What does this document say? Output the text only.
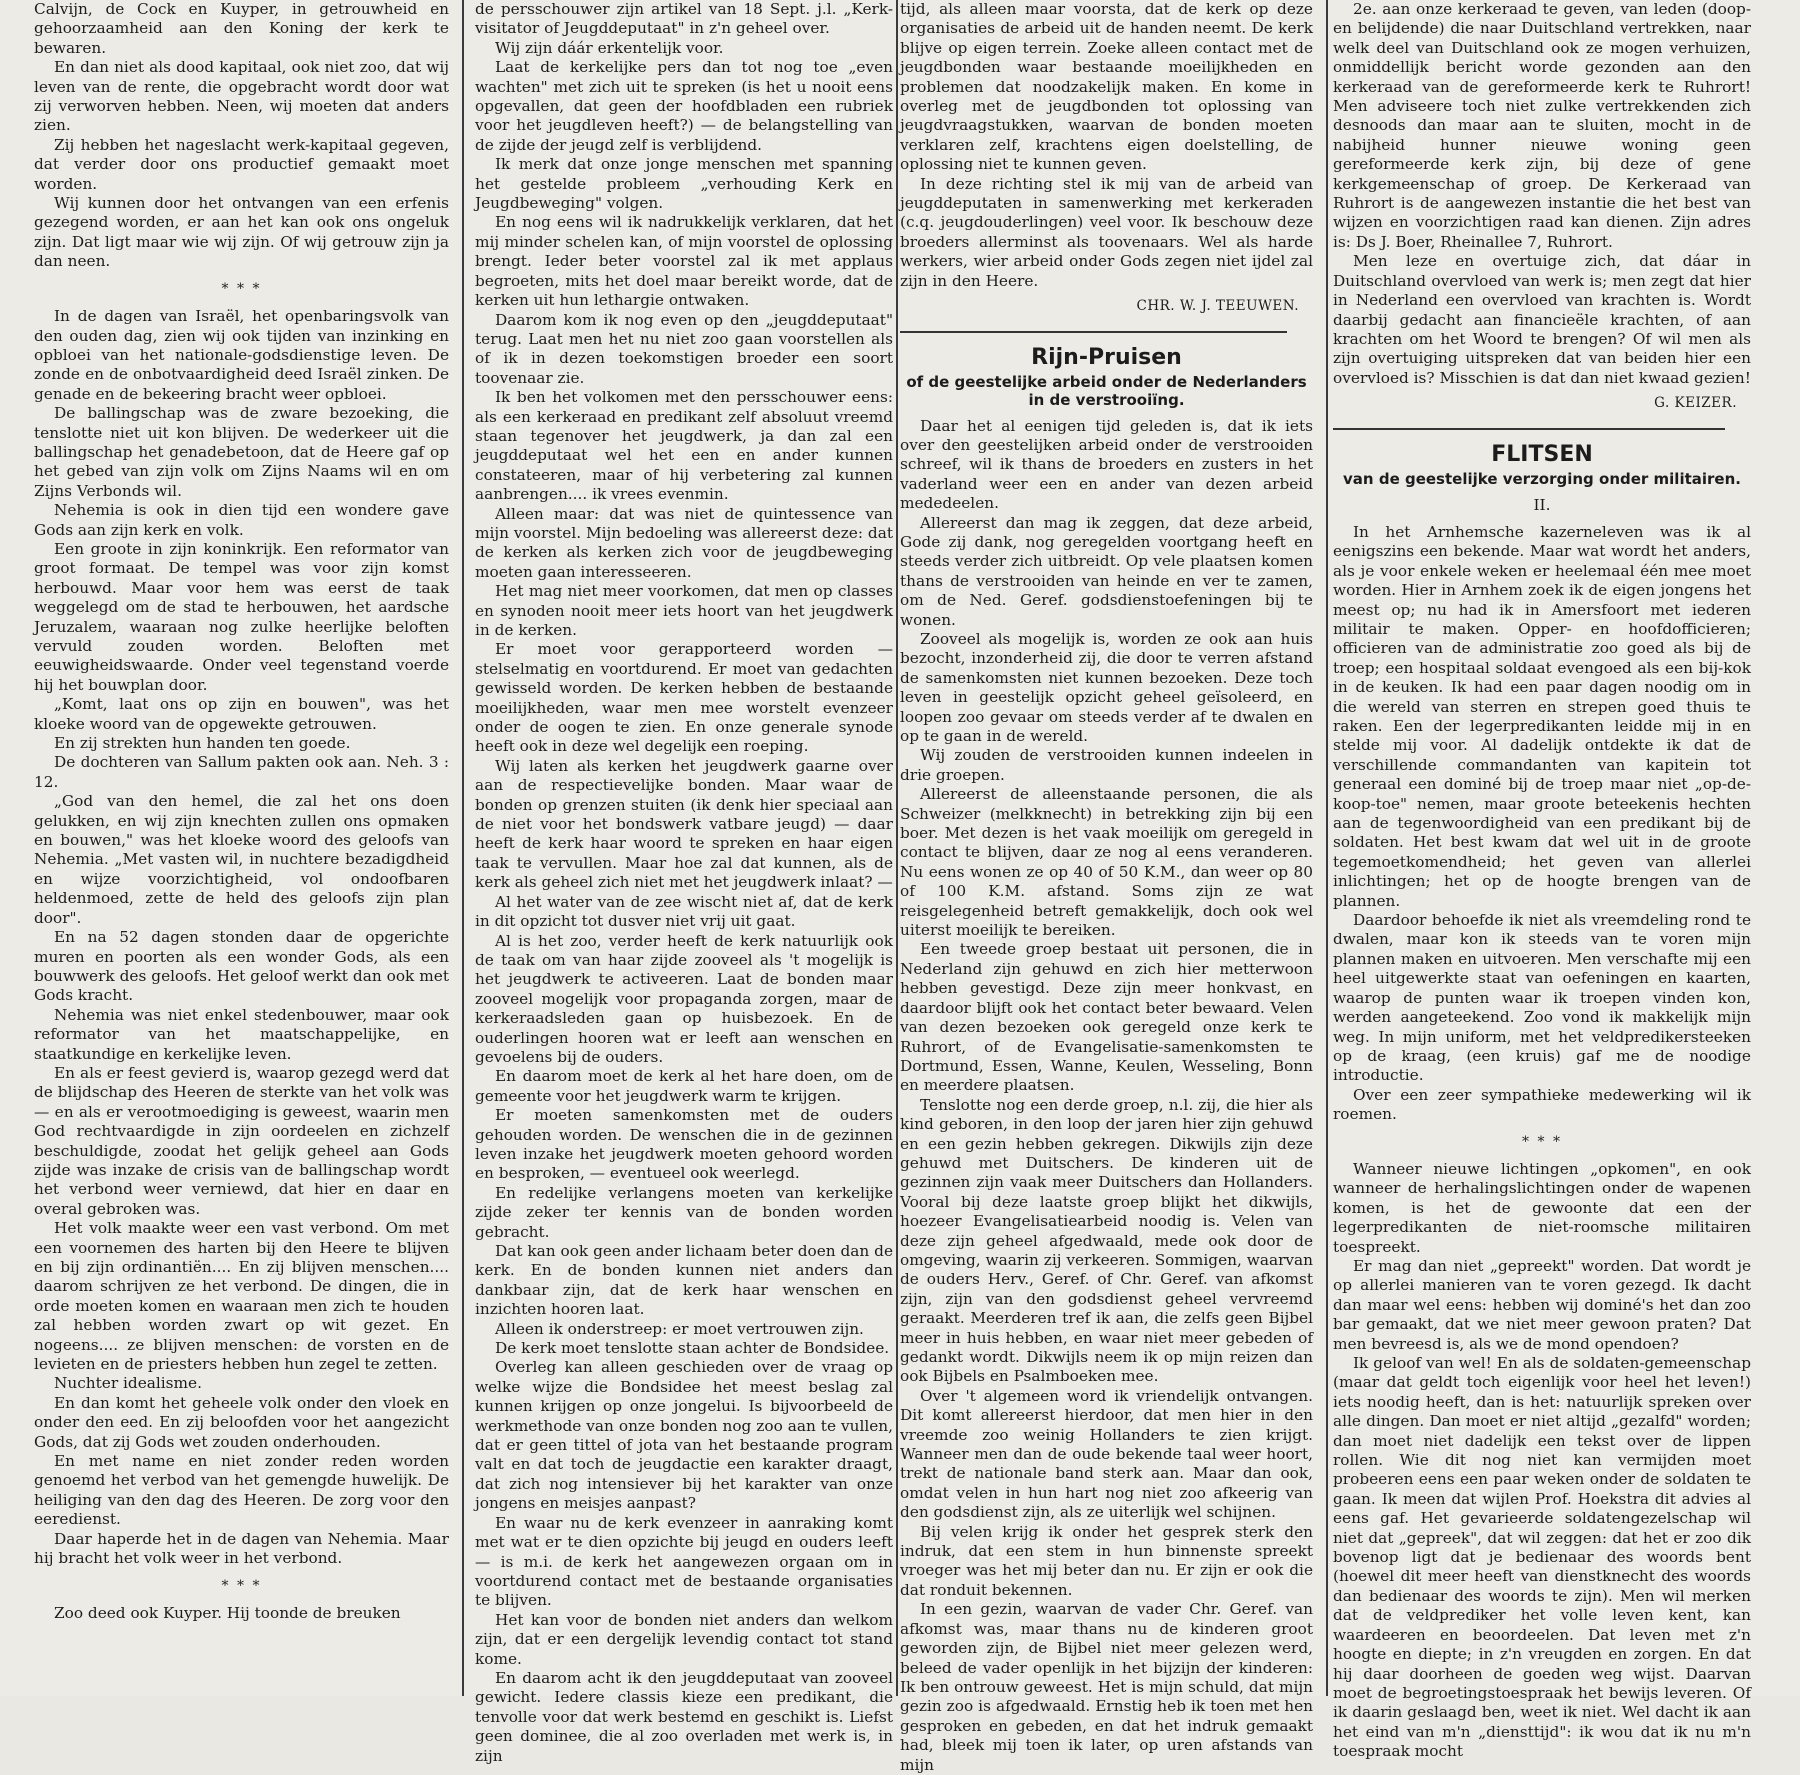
Calvijn, de Cock en Kuyper, in getrouwheid en gehoorzaamheid aan den Koning der kerk te bewaren.

En dan niet als dood kapitaal, ook niet zoo, dat wij leven van de rente, die opgebracht wordt door wat zij verworven hebben. Neen, wij moeten dat anders zien.

Zij hebben het nageslacht werk-kapitaal gegeven, dat verder door ons productief gemaakt moet worden.

Wij kunnen door het ontvangen van een erfenis gezegend worden, er aan het kan ook ons ongeluk zijn. Dat ligt maar wie wij zijn. Of wij getrouw zijn ja dan neen.

* * *

In de dagen van Israël, het openbaringsvolk van den ouden dag, zien wij ook tijden van inzinking en opbloei van het nationale-godsdienstige leven. De zonde en de onbotvaardigheid deed Israël zinken. De genade en de bekeering bracht weer opbloei.

De ballingschap was de zware bezoeking, die tenslotte niet uit kon blijven. De wederkeer uit die ballingschap het genadebetoon, dat de Heere gaf op het gebed van zijn volk om Zijns Naams wil en om Zijns Verbonds wil.

Nehemia is ook in dien tijd een wondere gave Gods aan zijn kerk en volk.

Een groote in zijn koninkrijk. Een reformator van groot formaat. De tempel was voor zijn komst herbouwd. Maar voor hem was eerst de taak weggelegd om de stad te herbouwen, het aardsche Jeruzalem, waaraan nog zulke heerlijke beloften vervuld zouden worden. Beloften met eeuwigheidswaarde. Onder veel tegenstand voerde hij het bouwplan door.

„Komt, laat ons op zijn en bouwen", was het kloeke woord van de opgewekte getrouwen.

En zij strekten hun handen ten goede.

De dochteren van Sallum pakten ook aan. Neh. 3 : 12.

„God van den hemel, die zal het ons doen gelukken, en wij zijn knechten zullen ons opmaken en bouwen," was het kloeke woord des geloofs van Nehemia. „Met vasten wil, in nuchtere bezadigdheid en wijze voorzichtigheid, vol ondoofbaren heldenmoed, zette de held des geloofs zijn plan door".

En na 52 dagen stonden daar de opgerichte muren en poorten als een wonder Gods, als een bouwwerk des geloofs. Het geloof werkt dan ook met Gods kracht.

Nehemia was niet enkel stedenbouwer, maar ook reformator van het maatschappelijke, en staatkundige en kerkelijke leven.

En als er feest gevierd is, waarop gezegd werd dat de blijdschap des Heeren de sterkte van het volk was — en als er verootmoediging is geweest, waarin men God rechtvaardigde in zijn oordeelen en zichzelf beschuldigde, zoodat het gelijk geheel aan Gods zijde was inzake de crisis van de ballingschap wordt het verbond weer verniewd, dat hier en daar en overal gebroken was.

Het volk maakte weer een vast verbond. Om met een voornemen des harten bij den Heere te blijven en bij zijn ordinantiën.... En zij blijven menschen.... daarom schrijven ze het verbond. De dingen, die in orde moeten komen en waaraan men zich te houden zal hebben worden zwart op wit gezet. En nogeens.... ze blijven menschen: de vorsten en de levieten en de priesters hebben hun zegel te zetten.

Nuchter idealisme.

En dan komt het geheele volk onder den vloek en onder den eed. En zij beloofden voor het aangezicht Gods, dat zij Gods wet zouden onderhouden.

En met name en niet zonder reden worden genoemd het verbod van het gemengde huwelijk. De heiliging van den dag des Heeren. De zorg voor den eeredienst.

Daar haperde het in de dagen van Nehemia. Maar hij bracht het volk weer in het verbond.

* * *

Zoo deed ook Kuyper. Hij toonde de breuken

de persschouwer zijn artikel van 18 Sept. j.l. „Kerk-visitator of Jeugddeputaat" in z'n geheel over.

Wij zijn dáár erkentelijk voor.

Laat de kerkelijke pers dan tot nog toe „even wachten" met zich uit te spreken (is het u nooit eens opgevallen, dat geen der hoofdbladen een rubriek voor het jeugdleven heeft?) — de belangstelling van de zijde der jeugd zelf is verblijdend.

Ik merk dat onze jonge menschen met spanning het gestelde probleem „verhouding Kerk en Jeugdbeweging" volgen.

En nog eens wil ik nadrukkelijk verklaren, dat het mij minder schelen kan, of mijn voorstel de oplossing brengt. Ieder beter voorstel zal ik met applaus begroeten, mits het doel maar bereikt worde, dat de kerken uit hun lethargie ontwaken.

Daarom kom ik nog even op den „jeugddeputaat" terug. Laat men het nu niet zoo gaan voorstellen als of ik in dezen toekomstigen broeder een soort toovenaar zie.

Ik ben het volkomen met den persschouwer eens: als een kerkeraad en predikant zelf absoluut vreemd staan tegenover het jeugdwerk, ja dan zal een jeugddeputaat wel het een en ander kunnen constateeren, maar of hij verbetering zal kunnen aanbrengen.... ik vrees evenmin.

Alleen maar: dat was niet de quintessence van mijn voorstel. Mijn bedoeling was allereerst deze: dat de kerken als kerken zich voor de jeugdbeweging moeten gaan interesseeren.

Het mag niet meer voorkomen, dat men op classes en synoden nooit meer iets hoort van het jeugdwerk in de kerken.

Er moet voor gerapporteerd worden — stelselmatig en voortdurend. Er moet van gedachten gewisseld worden. De kerken hebben de bestaande moeilijkheden, waar men mee worstelt evenzeer onder de oogen te zien. En onze generale synode heeft ook in deze wel degelijk een roeping.

Wij laten als kerken het jeugdwerk gaarne over aan de respectievelijke bonden. Maar waar de bonden op grenzen stuiten (ik denk hier speciaal aan de niet voor het bondswerk vatbare jeugd) — daar heeft de kerk haar woord te spreken en haar eigen taak te vervullen. Maar hoe zal dat kunnen, als de kerk als geheel zich niet met het jeugdwerk inlaat? —

Al het water van de zee wischt niet af, dat de kerk in dit opzicht tot dusver niet vrij uit gaat.

Al is het zoo, verder heeft de kerk natuurlijk ook de taak om van haar zijde zooveel als 't mogelijk is het jeugdwerk te activeeren. Laat de bonden maar zooveel mogelijk voor propaganda zorgen, maar de kerkeraadsleden gaan op huisbezoek. En de ouderlingen hooren wat er leeft aan wenschen en gevoelens bij de ouders.

En daarom moet de kerk al het hare doen, om de gemeente voor het jeugdwerk warm te krijgen.

Er moeten samenkomsten met de ouders gehouden worden. De wenschen die in de gezinnen leven inzake het jeugdwerk moeten gehoord worden en besproken, — eventueel ook weerlegd.

En redelijke verlangens moeten van kerkelijke zijde zeker ter kennis van de bonden worden gebracht.

Dat kan ook geen ander lichaam beter doen dan de kerk. En de bonden kunnen niet anders dan dankbaar zijn, dat de kerk haar wenschen en inzichten hooren laat.

Alleen ik onderstreep: er moet vertrouwen zijn.

De kerk moet tenslotte staan achter de Bondsidee.

Overleg kan alleen geschieden over de vraag op welke wijze die Bondsidee het meest beslag zal kunnen krijgen op onze jongelui. Is bijvoorbeeld de werkmethode van onze bonden nog zoo aan te vullen, dat er geen tittel of jota van het bestaande program valt en dat toch de jeugdactie een karakter draagt, dat zich nog intensiever bij het karakter van onze jongens en meisjes aanpast?

En waar nu de kerk evenzeer in aanraking komt met wat er te dien opzichte bij jeugd en ouders leeft — is m.i. de kerk het aangewezen orgaan om in voortdurend contact met de bestaande organisaties te blijven.

Het kan voor de bonden niet anders dan welkom zijn, dat er een dergelijk levendig contact tot stand kome.

En daarom acht ik den jeugddeputaat van zooveel gewicht. Iedere classis kieze een predikant, die tenvolle voor dat werk bestemd en geschikt is. Liefst geen dominee, die al zoo overladen met werk is, in zijn

tijd, als alleen maar voorsta, dat de kerk op deze organisaties de arbeid uit de handen neemt. De kerk blijve op eigen terrein. Zoeke alleen contact met de jeugdbonden waar bestaande moeilijkheden en problemen dat noodzakelijk maken. En kome in overleg met de jeugdbonden tot oplossing van jeugdvraagstukken, waarvan de bonden moeten verklaren zelf, krachtens eigen doelstelling, de oplossing niet te kunnen geven.

In deze richting stel ik mij van de arbeid van jeugddeputaten in samenwerking met kerkeraden (c.q. jeugdouderlingen) veel voor. Ik beschouw deze broeders allerminst als toovenaars. Wel als harde werkers, wier arbeid onder Gods zegen niet ijdel zal zijn in den Heere.

CHR. W. J. TEEUWEN.
Rijn-Pruisen
of de geestelijke arbeid onder de Nederlanders in de verstrooiïng.

Daar het al eenigen tijd geleden is, dat ik iets over den geestelijken arbeid onder de verstrooiden schreef, wil ik thans de broeders en zusters in het vaderland weer een en ander van dezen arbeid mededeelen.

Allereerst dan mag ik zeggen, dat deze arbeid, Gode zij dank, nog geregelden voortgang heeft en steeds verder zich uitbreidt. Op vele plaatsen komen thans de verstrooiden van heinde en ver te zamen, om de Ned. Geref. godsdienstoefeningen bij te wonen.

Zooveel als mogelijk is, worden ze ook aan huis bezocht, inzonderheid zij, die door te verren afstand de samenkomsten niet kunnen bezoeken. Deze toch leven in geestelijk opzicht geheel geïsoleerd, en loopen zoo gevaar om steeds verder af te dwalen en op te gaan in de wereld.

Wij zouden de verstrooiden kunnen indeelen in drie groepen.

Allereerst de alleenstaande personen, die als Schweizer (melkknecht) in betrekking zijn bij een boer. Met dezen is het vaak moeilijk om geregeld in contact te blijven, daar ze nog al eens veranderen. Nu eens wonen ze op 40 of 50 K.M., dan weer op 80 of 100 K.M. afstand. Soms zijn ze wat reisgelegenheid betreft gemakkelijk, doch ook wel uiterst moeilijk te bereiken.

Een tweede groep bestaat uit personen, die in Nederland zijn gehuwd en zich hier metterwoon hebben gevestigd. Deze zijn meer honkvast, en daardoor blijft ook het contact beter bewaard. Velen van dezen bezoeken ook geregeld onze kerk te Ruhrort, of de Evangelisatie-samenkomsten te Dortmund, Essen, Wanne, Keulen, Wesseling, Bonn en meerdere plaatsen.

Tenslotte nog een derde groep, n.l. zij, die hier als kind geboren, in den loop der jaren hier zijn gehuwd en een gezin hebben gekregen. Dikwijls zijn deze gehuwd met Duitschers. De kinderen uit de gezinnen zijn vaak meer Duitschers dan Hollanders. Vooral bij deze laatste groep blijkt het dikwijls, hoezeer Evangelisatiearbeid noodig is. Velen van deze zijn geheel afgedwaald, mede ook door de omgeving, waarin zij verkeeren. Sommigen, waarvan de ouders Herv., Geref. of Chr. Geref. van afkomst zijn, zijn van den godsdienst geheel vervreemd geraakt. Meerderen tref ik aan, die zelfs geen Bijbel meer in huis hebben, en waar niet meer gebeden of gedankt wordt. Dikwijls neem ik op mijn reizen dan ook Bijbels en Psalmboeken mee.

Over 't algemeen word ik vriendelijk ontvangen. Dit komt allereerst hierdoor, dat men hier in den vreemde zoo weinig Hollanders te zien krijgt. Wanneer men dan de oude bekende taal weer hoort, trekt de nationale band sterk aan. Maar dan ook, omdat velen in hun hart nog niet zoo afkeerig van den godsdienst zijn, als ze uiterlijk wel schijnen.

Bij velen krijg ik onder het gesprek sterk den indruk, dat een stem in hun binnenste spreekt vroeger was het mij beter dan nu. Er zijn er ook die dat ronduit bekennen.

In een gezin, waarvan de vader Chr. Geref. van afkomst was, maar thans nu de kinderen groot geworden zijn, de Bijbel niet meer gelezen werd, beleed de vader openlijk in het bijzijn der kinderen: Ik ben ontrouw geweest. Het is mijn schuld, dat mijn gezin zoo is afgedwaald. Ernstig heb ik toen met hen gesproken en gebeden, en dat het indruk gemaakt had, bleek mij toen ik later, op uren afstands van mijn

2e. aan onze kerkeraad te geven, van leden (doop- en belijdende) die naar Duitschland vertrekken, naar welk deel van Duitschland ook ze mogen verhuizen, onmiddellijk bericht worde gezonden aan den kerkeraad van de gereformeerde kerk te Ruhrort! Men adviseere toch niet zulke vertrekkenden zich desnoods dan maar aan te sluiten, mocht in de nabijheid hunner nieuwe woning geen gereformeerde kerk zijn, bij deze of gene kerkgemeenschap of groep. De Kerkeraad van Ruhrort is de aangewezen instantie die het best van wijzen en voorzichtigen raad kan dienen. Zijn adres is: Ds J. Boer, Rheinallee 7, Ruhrort.

Men leze en overtuige zich, dat dáar in Duitschland overvloed van werk is; men zegt dat hier in Nederland een overvloed van krachten is. Wordt daarbij gedacht aan financieële krachten, of aan krachten om het Woord te brengen? Of wil men als zijn overtuiging uitspreken dat van beiden hier een overvloed is? Misschien is dat dan niet kwaad gezien!

G. KEIZER.
FLITSEN
van de geestelijke verzorging onder militairen.
II.

In het Arnhemsche kazerneleven was ik al eenigszins een bekende. Maar wat wordt het anders, als je voor enkele weken er heelemaal één mee moet worden. Hier in Arnhem zoek ik de eigen jongens het meest op; nu had ik in Amersfoort met iederen militair te maken. Opper- en hoofdofficieren; officieren van de administratie zoo goed als bij de troep; een hospitaal soldaat evengoed als een bij-kok in de keuken. Ik had een paar dagen noodig om in die wereld van sterren en strepen goed thuis te raken. Een der legerpredikanten leidde mij in en stelde mij voor. Al dadelijk ontdekte ik dat de verschillende commandanten van kapitein tot generaal een dominé bij de troep maar niet „op-de-koop-toe" nemen, maar groote beteekenis hechten aan de tegenwoordigheid van een predikant bij de soldaten. Het best kwam dat wel uit in de groote tegemoetkomendheid; het geven van allerlei inlichtingen; het op de hoogte brengen van de plannen.

Daardoor behoefde ik niet als vreemdeling rond te dwalen, maar kon ik steeds van te voren mijn plannen maken en uitvoeren. Men verschafte mij een heel uitgewerkte staat van oefeningen en kaarten, waarop de punten waar ik troepen vinden kon, werden aangeteekend. Zoo vond ik makkelijk mijn weg. In mijn uniform, met het veldpredikersteeken op de kraag, (een kruis) gaf me de noodige introductie.

Over een zeer sympathieke medewerking wil ik roemen.

* * *

Wanneer nieuwe lichtingen „opkomen", en ook wanneer de herhalingslichtingen onder de wapenen komen, is het de gewoonte dat een der legerpredikanten de niet-roomsche militairen toespreekt.

Er mag dan niet „gepreekt" worden. Dat wordt je op allerlei manieren van te voren gezegd. Ik dacht dan maar wel eens: hebben wij dominé's het dan zoo bar gemaakt, dat we niet meer gewoon praten? Dat men bevreesd is, als we de mond opendoen?

Ik geloof van wel! En als de soldaten-gemeenschap (maar dat geldt toch eigenlijk voor heel het leven!) iets noodig heeft, dan is het: natuurlijk spreken over alle dingen. Dan moet er niet altijd „gezalfd" worden; dan moet niet dadelijk een tekst over de lippen rollen. Wie dit nog niet kan vermijden moet probeeren eens een paar weken onder de soldaten te gaan. Ik meen dat wijlen Prof. Hoekstra dit advies al eens gaf. Het gevarieerde soldatengezelschap wil niet dat „gepreek", dat wil zeggen: dat het er zoo dik bovenop ligt dat je bedienaar des woords bent (hoewel dit meer heeft van dienstknecht des woords dan bedienaar des woords te zijn). Men wil merken dat de veldprediker het volle leven kent, kan waardeeren en beoordeelen. Dat leven met z'n hoogte en diepte; in z'n vreugden en zorgen. En dat hij daar doorheen de goeden weg wijst. Daarvan moet de begroetingstoespraak het bewijs leveren. Of ik daarin geslaagd ben, weet ik niet. Wel dacht ik aan het eind van m'n „diensttijd": ik wou dat ik nu m'n toespraak mocht
